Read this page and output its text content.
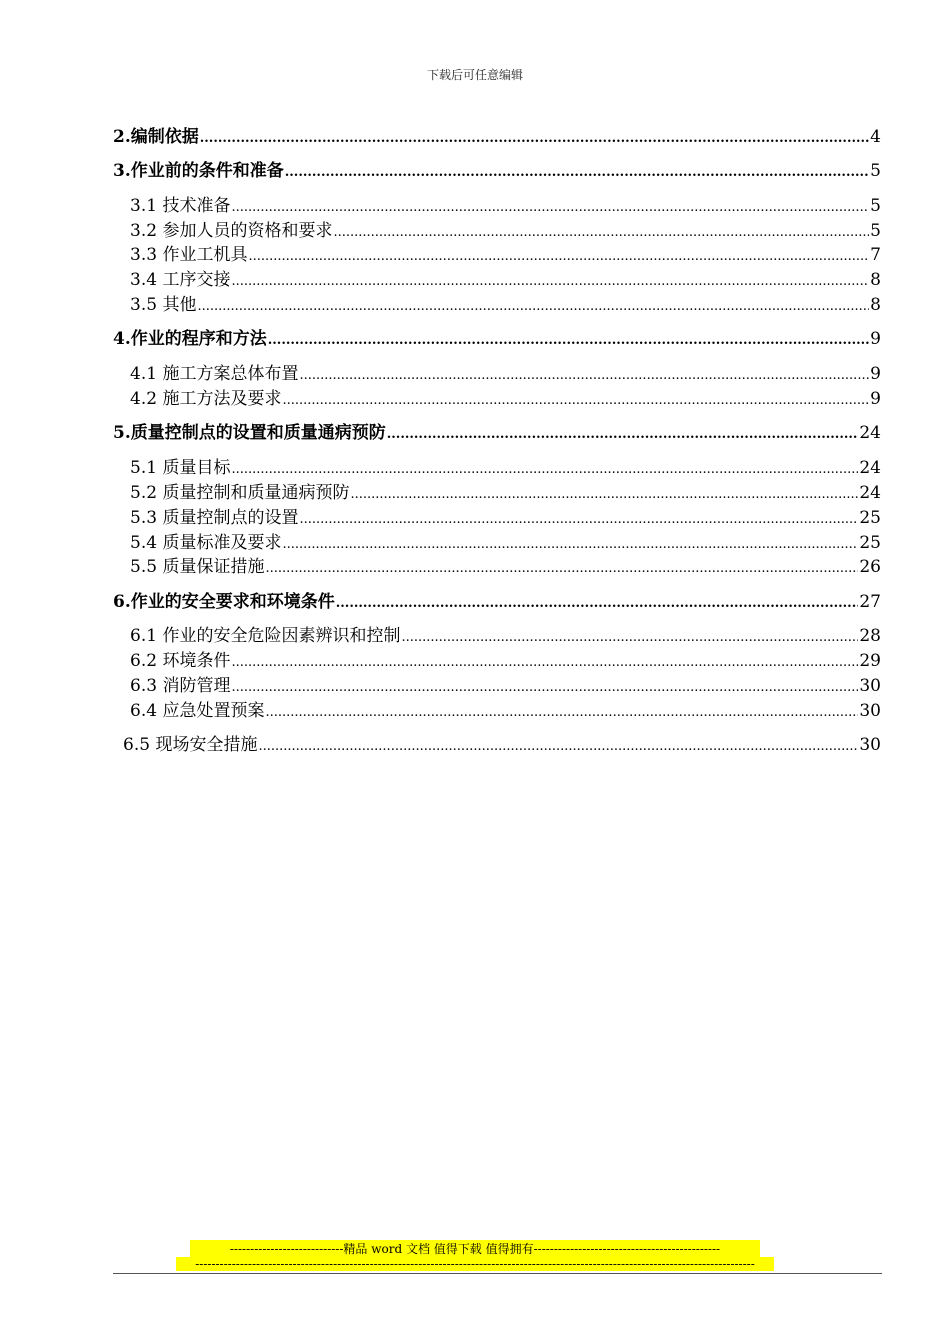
下载后可任意编辑
2.编制依据 .....	4
3.作业前的条件和准备 .....	5
3.1 技术准备 .....	5
3.2 参加人员的资格和要求 .....	5
3.3 作业工机具 .....	7
3.4 工序交接 .....	8
3.5 其他 .....	8
4.作业的程序和方法 .....	9
4.1 施工方案总体布置 .....	9
4.2 施工方法及要求 .....	9
5.质量控制点的设置和质量通病预防 .....	24
5.1 质量目标 .....	24
5.2 质量控制和质量通病预防 .....	24
5.3 质量控制点的设置 .....	25
5.4 质量标准及要求 .....	25
5.5 质量保证措施 .....	26
6.作业的安全要求和环境条件 .....	27
6.1 作业的安全危险因素辨识和控制 .....	28
6.2 环境条件 .....	29
6.3 消防管理 .....	30
6.4 应急处置预案 .....	30
6.5 现场安全措施 .....	30
----------------------------精品 word 文档 值得下载 值得拥有----------------------------------------------
------------------------------------------------------------------------------------------------------------------------------------------
